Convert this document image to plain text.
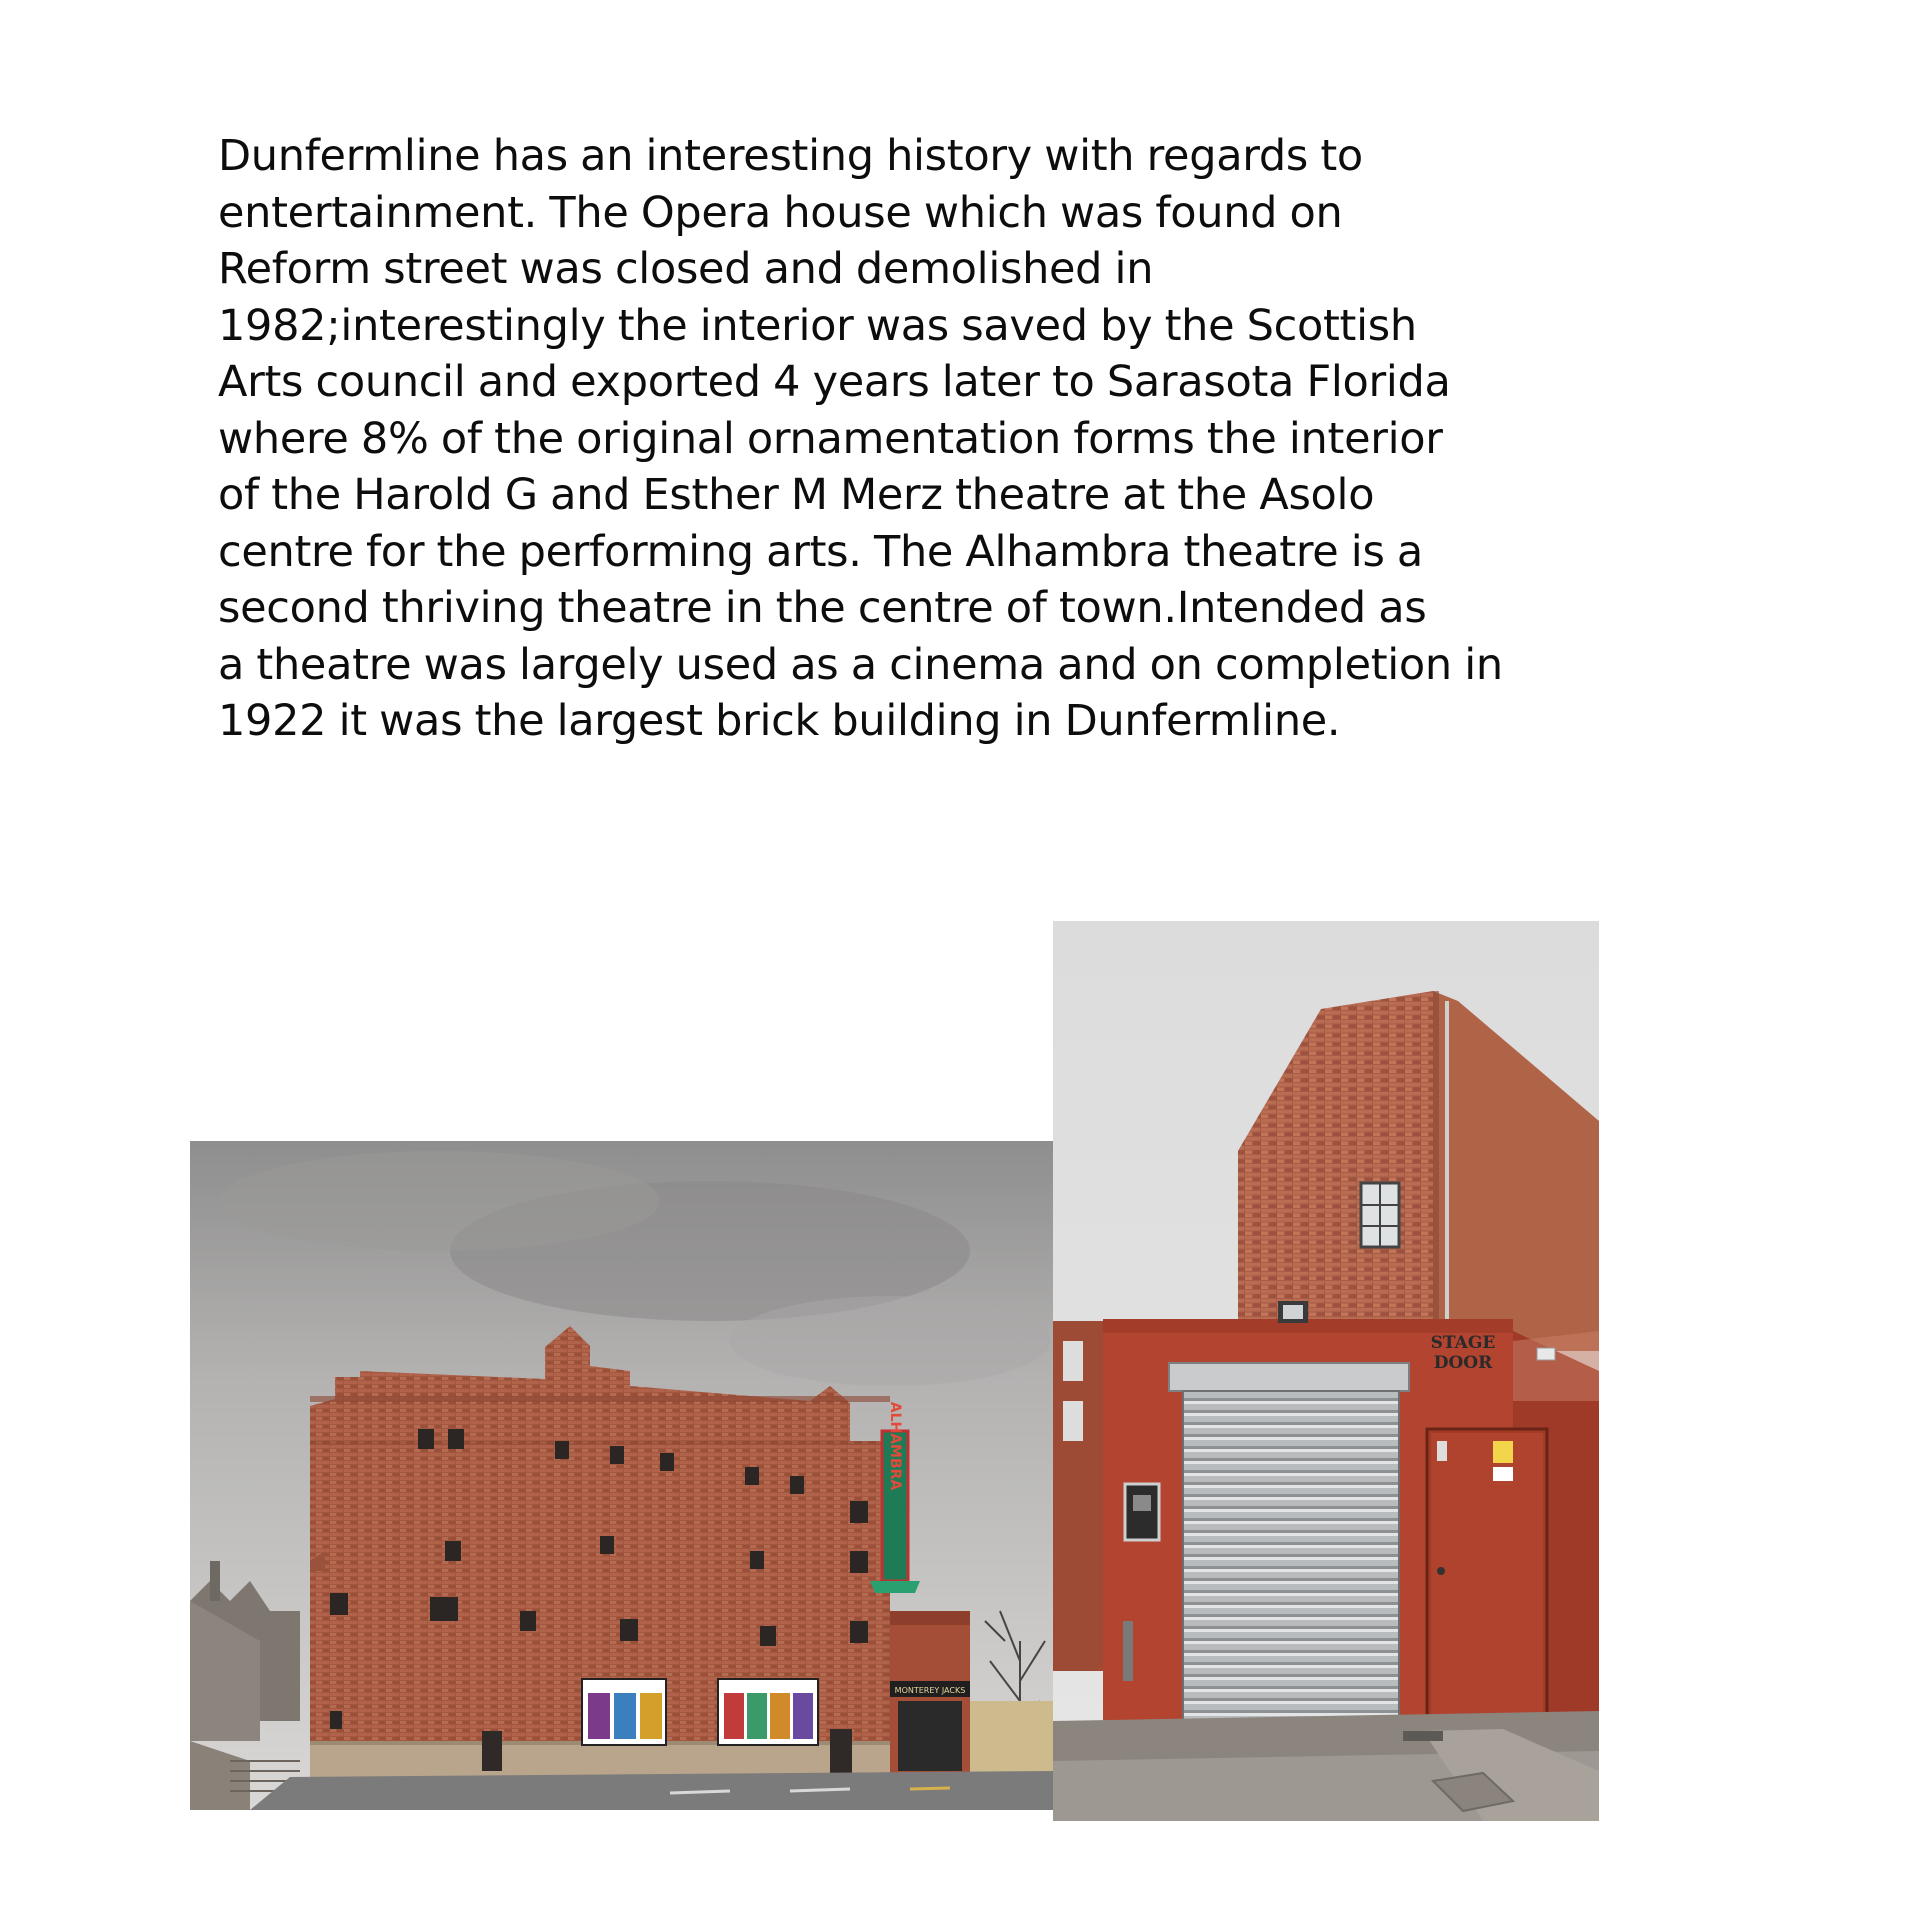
Dunfermline has an interesting history with regards to
entertainment. The Opera house which was found on
Reform street was closed and demolished in
1982;interestingly the interior was saved by the Scottish
Arts council and exported 4 years later to Sarasota Florida
where 8% of the original ornamentation forms the interior
of the Harold G and Esther M Merz theatre at the Asolo
centre for the performing arts. The Alhambra theatre is a
second thriving theatre in the centre of town.Intended as
a theatre was largely used as a cinema and on completion in
1922 it was the largest brick building in Dunfermline.

ALHAMBRA
MONTEREY JACKS
STAGE
DOOR
